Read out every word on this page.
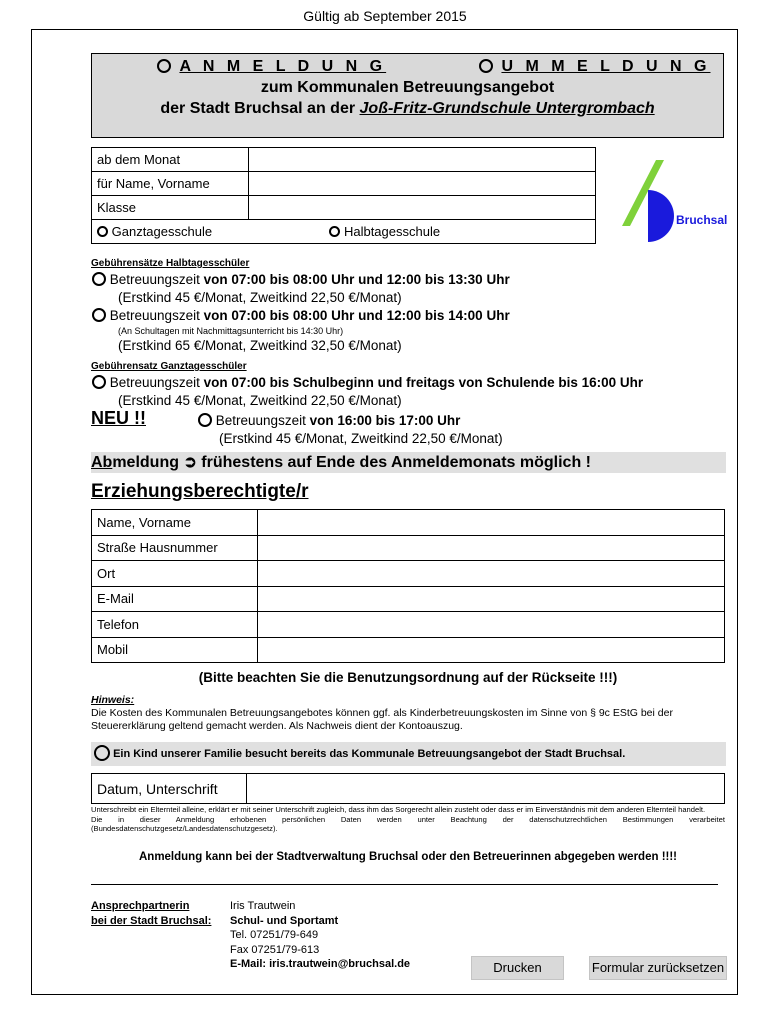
Gültig ab September 2015
A N M E L D U N G	U M M E L D U N G
zum Kommunalen Betreuungsangebot
der Stadt Bruchsal an der Joß-Fritz-Grundschule Untergrombach
ab dem Monat	
für Name, Vorname	
Klasse	
Ganztagesschule Halbtagesschule	
Bruchsal
Gebührensätze Halbtagesschüler
Betreuungszeit von 07:00 bis 08:00 Uhr und 12:00 bis 13:30 Uhr
(Erstkind 45 €/Monat, Zweitkind 22,50 €/Monat)
Betreuungszeit von 07:00 bis 08:00 Uhr und 12:00 bis 14:00 Uhr
(An Schultagen mit Nachmittagsunterricht bis 14:30 Uhr)
(Erstkind 65 €/Monat, Zweitkind 32,50 €/Monat)
Gebührensatz Ganztagesschüler
Betreuungszeit von 07:00 bis Schulbeginn und freitags von Schulende bis 16:00 Uhr
(Erstkind 45 €/Monat, Zweitkind 22,50 €/Monat)
NEU !!	Betreuungszeit von 16:00 bis 17:00 Uhr
(Erstkind 45 €/Monat, Zweitkind 22,50 €/Monat)
Abmeldung ➲ frühestens auf Ende des Anmeldemonats möglich !
Erziehungsberechtigte/r
Name, Vorname	
Straße Hausnummer	
Ort	
E-Mail	
Telefon	
Mobil	
(Bitte beachten Sie die Benutzungsordnung auf der Rückseite !!!)
Hinweis:
Die Kosten des Kommunalen Betreuungsangebotes können ggf. als Kinderbetreuungskosten im Sinne von § 9c EStG bei der Steuererklärung geltend gemacht werden. Als Nachweis dient der Kontoauszug.
Ein Kind unserer Familie besucht bereits das Kommunale Betreuungsangebot der Stadt Bruchsal.
Datum, Unterschrift	
Unterschreibt ein Elternteil alleine, erklärt er mit seiner Unterschrift zugleich, dass ihm das Sorgerecht allein zusteht oder dass er im Einverständnis mit dem anderen Elternteil handelt.
Die in dieser Anmeldung erhobenen persönlichen Daten werden unter Beachtung der datenschutzrechtlichen Bestimmungen verarbeitet (Bundesdatenschutzgesetz/Landesdatenschutzgesetz).
Anmeldung kann bei der Stadtverwaltung Bruchsal oder den Betreuerinnen abgegeben werden !!!!
Ansprechpartnerin
bei der Stadt Bruchsal:
Iris Trautwein
Schul- und Sportamt
Tel. 07251/79-649
Fax 07251/79-613
E-Mail: iris.trautwein@bruchsal.de	Drucken	Formular zurücksetzen
